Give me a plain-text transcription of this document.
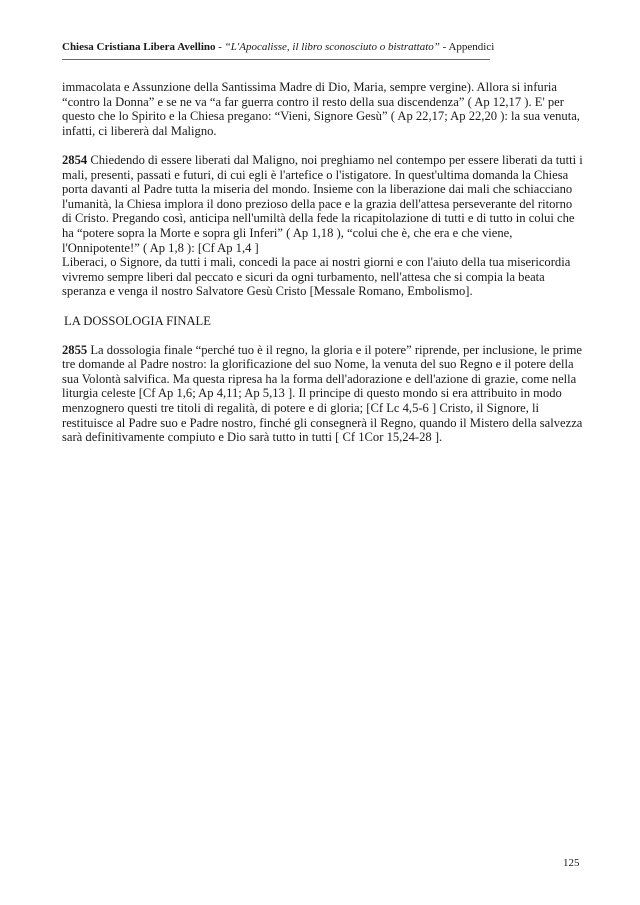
Chiesa Cristiana Libera Avellino - “L'Apocalisse, il libro sconosciuto o bistrattato” - Appendici

immacolata e Assunzione della Santissima Madre di Dio, Maria, sempre vergine). Allora si infuria “contro la Donna” e se ne va “a far guerra contro il resto della sua discendenza” ( Ap 12,17 ). E' per questo che lo Spirito e la Chiesa pregano: “Vieni, Signore Gesù” ( Ap 22,17; Ap 22,20 ): la sua venuta, infatti, ci libererà dal Maligno.

2854 Chiedendo di essere liberati dal Maligno, noi preghiamo nel contempo per essere liberati da tutti i mali, presenti, passati e futuri, di cui egli è l'artefice o l'istigatore. In quest'ultima domanda la Chiesa porta davanti al Padre tutta la miseria del mondo. Insieme con la liberazione dai mali che schiacciano l'umanità, la Chiesa implora il dono prezioso della pace e la grazia dell'attesa perseverante del ritorno di Cristo. Pregando così, anticipa nell'umiltà della fede la ricapitolazione di tutti e di tutto in colui che ha “potere sopra la Morte e sopra gli Inferi” ( Ap 1,18 ), “colui che è, che era e che viene, l'Onnipotente!” ( Ap 1,8 ): [Cf Ap 1,4 ]

Liberaci, o Signore, da tutti i mali, concedi la pace ai nostri giorni e con l'aiuto della tua misericordia vivremo sempre liberi dal peccato e sicuri da ogni turbamento, nell'attesa che si compia la beata speranza e venga il nostro Salvatore Gesù Cristo [Messale Romano, Embolismo].

LA DOSSOLOGIA FINALE

2855 La dossologia finale “perché tuo è il regno, la gloria e il potere” riprende, per inclusione, le prime tre domande al Padre nostro: la glorificazione del suo Nome, la venuta del suo Regno e il potere della sua Volontà salvifica. Ma questa ripresa ha la forma dell'adorazione e dell'azione di grazie, come nella liturgia celeste [Cf Ap 1,6; Ap 4,11; Ap 5,13 ]. Il principe di questo mondo si era attribuito in modo menzognero questi tre titoli di regalità, di potere e di gloria; [Cf Lc 4,5-6 ] Cristo, il Signore, li restituisce al Padre suo e Padre nostro, finché gli consegnerà il Regno, quando il Mistero della salvezza sarà definitivamente compiuto e Dio sarà tutto in tutti [ Cf 1Cor 15,24-28 ].

125
